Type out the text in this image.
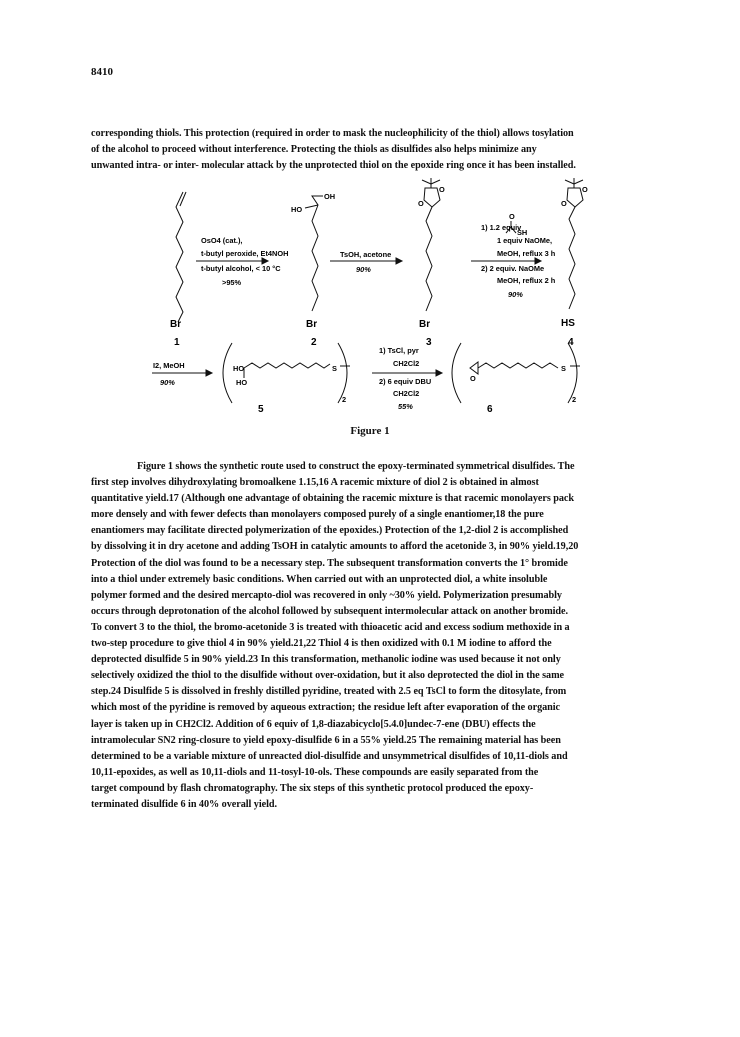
8410
corresponding thiols. This protection (required in order to mask the nucleophilicity of the thiol) allows tosylation
of the alcohol to proceed without interference. Protecting the thiols as disulfides also helps minimize any
unwanted intra- or inter- molecular attack by the unprotected thiol on the epoxide ring once it has been installed.
Br	Br	Br	HS
HO
OH
O
O
O
O
O
HO
HO
S
2
O
S
2
OsO4 (cat.),
t-butyl peroxide, Et4NOH
t-butyl alcohol, < 10 °C
>95%
TsOH, acetone
90%
1) 1.2 equiv
SH
1 equiv NaOMe,
MeOH, reflux 3 h
2) 2 equiv. NaOMe
MeOH, reflux 2 h
90%
I2, MeOH
90%
1) TsCl, pyr
CH2Cl2
2) 6 equiv DBU
CH2Cl2
55%
1	2	3	4
5	6
Figure 1
Figure 1 shows the synthetic route used to construct the epoxy-terminated symmetrical disulfides. The
first step involves dihydroxylating bromoalkene 1.15,16 A racemic mixture of diol 2 is obtained in almost
quantitative yield.17 (Although one advantage of obtaining the racemic mixture is that racemic monolayers pack
more densely and with fewer defects than monolayers composed purely of a single enantiomer,18 the pure
enantiomers may facilitate directed polymerization of the epoxides.) Protection of the 1,2-diol 2 is accomplished
by dissolving it in dry acetone and adding TsOH in catalytic amounts to afford the acetonide 3, in 90% yield.19,20
Protection of the diol was found to be a necessary step. The subsequent transformation converts the 1° bromide
into a thiol under extremely basic conditions. When carried out with an unprotected diol, a white insoluble
polymer formed and the desired mercapto-diol was recovered in only ~30% yield. Polymerization presumably
occurs through deprotonation of the alcohol followed by subsequent intermolecular attack on another bromide.
To convert 3 to the thiol, the bromo-acetonide 3 is treated with thioacetic acid and excess sodium methoxide in a
two-step procedure to give thiol 4 in 90% yield.21,22 Thiol 4 is then oxidized with 0.1 M iodine to afford the
deprotected disulfide 5 in 90% yield.23 In this transformation, methanolic iodine was used because it not only
selectively oxidized the thiol to the disulfide without over-oxidation, but it also deprotected the diol in the same
step.24 Disulfide 5 is dissolved in freshly distilled pyridine, treated with 2.5 eq TsCl to form the ditosylate, from
which most of the pyridine is removed by aqueous extraction; the residue left after evaporation of the organic
layer is taken up in CH2Cl2. Addition of 6 equiv of 1,8-diazabicyclo[5.4.0]undec-7-ene (DBU) effects the
intramolecular SN2 ring-closure to yield epoxy-disulfide 6 in a 55% yield.25 The remaining material has been
determined to be a variable mixture of unreacted diol-disulfide and unsymmetrical disulfides of 10,11-diols and
10,11-epoxides, as well as 10,11-diols and 11-tosyl-10-ols. These compounds are easily separated from the
target compound by flash chromatography. The six steps of this synthetic protocol produced the epoxy-
terminated disulfide 6 in 40% overall yield.
